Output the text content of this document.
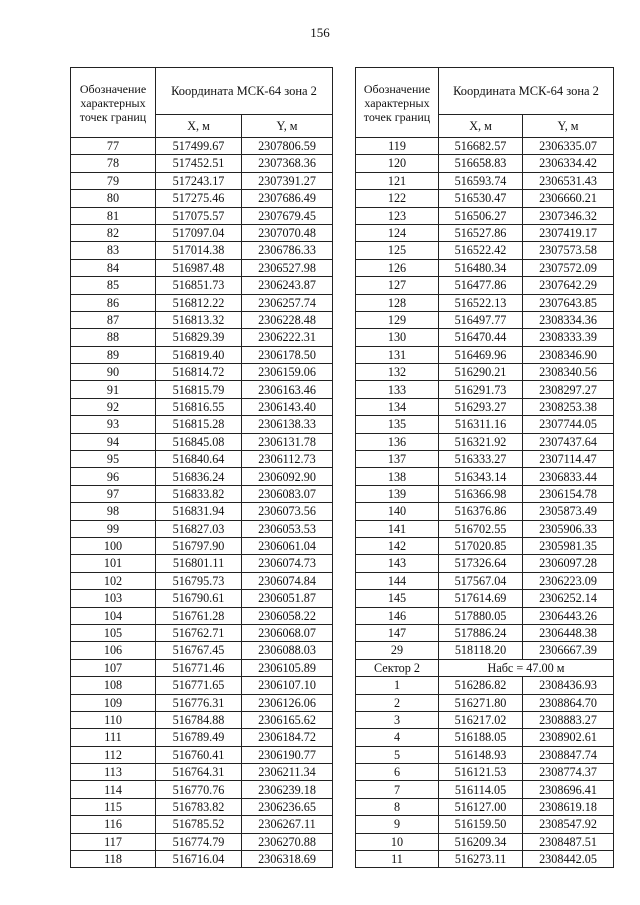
156
Обозначение характерных точек границ	Координата МСК-64 зона 2	
	X, м	Y, м
77	517499.67	2307806.59
78	517452.51	2307368.36
79	517243.17	2307391.27
80	517275.46	2307686.49
81	517075.57	2307679.45
82	517097.04	2307070.48
83	517014.38	2306786.33
84	516987.48	2306527.98
85	516851.73	2306243.87
86	516812.22	2306257.74
87	516813.32	2306228.48
88	516829.39	2306222.31
89	516819.40	2306178.50
90	516814.72	2306159.06
91	516815.79	2306163.46
92	516816.55	2306143.40
93	516815.28	2306138.33
94	516845.08	2306131.78
95	516840.64	2306112.73
96	516836.24	2306092.90
97	516833.82	2306083.07
98	516831.94	2306073.56
99	516827.03	2306053.53
100	516797.90	2306061.04
101	516801.11	2306074.73
102	516795.73	2306074.84
103	516790.61	2306051.87
104	516761.28	2306058.22
105	516762.71	2306068.07
106	516767.45	2306088.03
107	516771.46	2306105.89
108	516771.65	2306107.10
109	516776.31	2306126.06
110	516784.88	2306165.62
111	516789.49	2306184.72
112	516760.41	2306190.77
113	516764.31	2306211.34
114	516770.76	2306239.18
115	516783.82	2306236.65
116	516785.52	2306267.11
117	516774.79	2306270.88
118	516716.04	2306318.69
Обозначение характерных точек границ	Координата МСК-64 зона 2	
	X, м	Y, м
119	516682.57	2306335.07
120	516658.83	2306334.42
121	516593.74	2306531.43
122	516530.47	2306660.21
123	516506.27	2307346.32
124	516527.86	2307419.17
125	516522.42	2307573.58
126	516480.34	2307572.09
127	516477.86	2307642.29
128	516522.13	2307643.85
129	516497.77	2308334.36
130	516470.44	2308333.39
131	516469.96	2308346.90
132	516290.21	2308340.56
133	516291.73	2308297.27
134	516293.27	2308253.38
135	516311.16	2307744.05
136	516321.92	2307437.64
137	516333.27	2307114.47
138	516343.14	2306833.44
139	516366.98	2306154.78
140	516376.86	2305873.49
141	516702.55	2305906.33
142	517020.85	2305981.35
143	517326.64	2306097.28
144	517567.04	2306223.09
145	517614.69	2306252.14
146	517880.05	2306443.26
147	517886.24	2306448.38
29	518118.20	2306667.39
Сектор 2	Набс = 47.00 м	
1	516286.82	2308436.93
2	516271.80	2308864.70
3	516217.02	2308883.27
4	516188.05	2308902.61
5	516148.93	2308847.74
6	516121.53	2308774.37
7	516114.05	2308696.41
8	516127.00	2308619.18
9	516159.50	2308547.92
10	516209.34	2308487.51
11	516273.11	2308442.05
